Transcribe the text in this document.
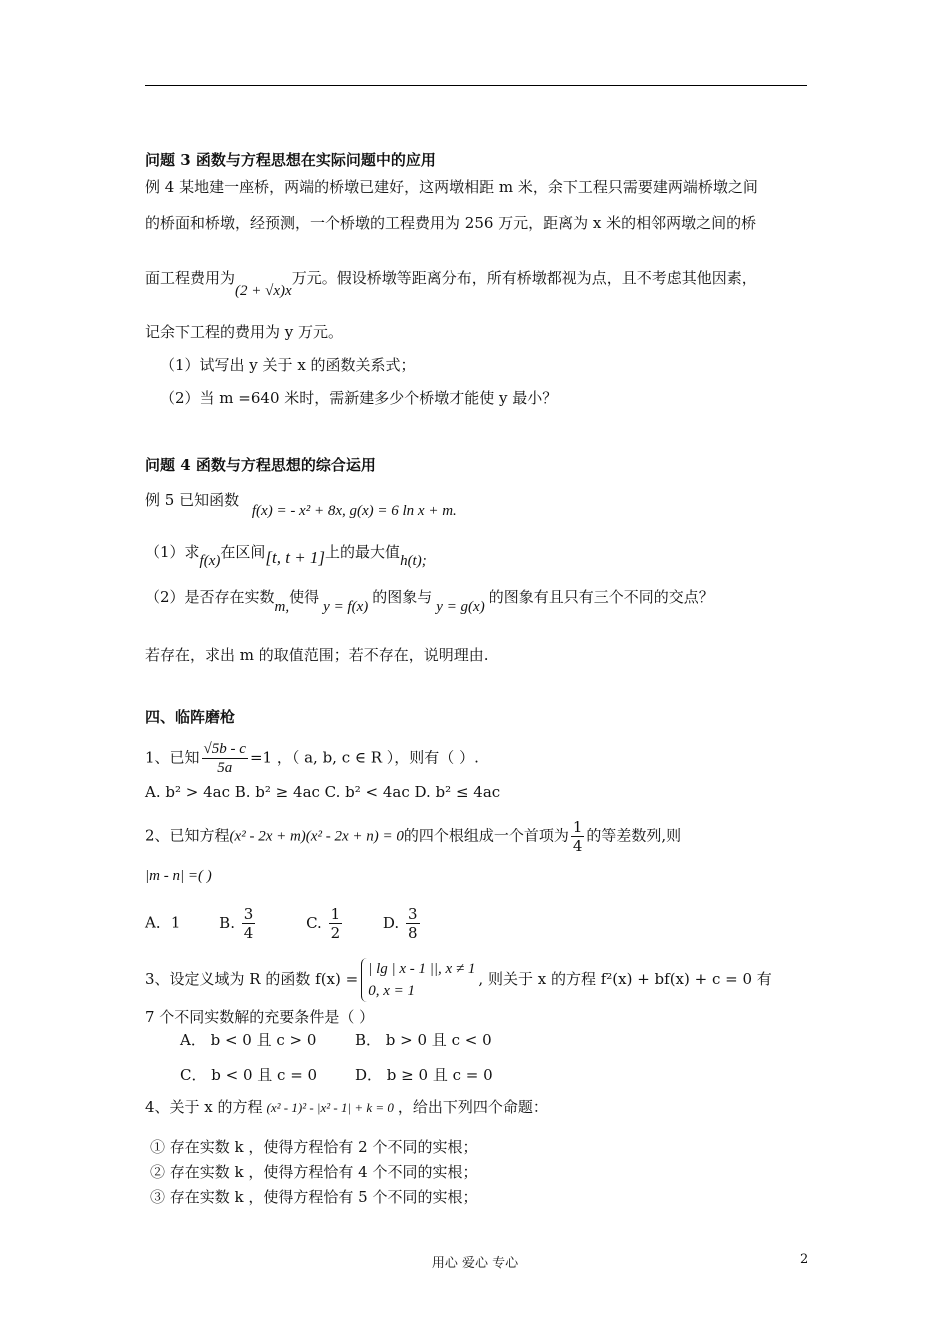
问题 3 函数与方程思想在实际问题中的应用
例 4 某地建一座桥，两端的桥墩已建好，这两墩相距 m 米，余下工程只需要建两端桥墩之间
的桥面和桥墩，经预测，一个桥墩的工程费用为 256 万元，距离为 x 米的相邻两墩之间的桥
面工程费用为(2 + √x)x万元。假设桥墩等距离分布，所有桥墩都视为点，且不考虑其他因素，
记余下工程的费用为 y 万元。
（1）试写出 y 关于 x 的函数关系式；
（2）当 m =640 米时，需新建多少个桥墩才能使 y 最小？
问题 4 函数与方程思想的综合运用
例 5 已知函数 f(x) = - x² + 8x, g(x) = 6 ln x + m.
（1）求f(x)在区间[t, t + 1]上的最大值h(t);
（2）是否存在实数m,使得y = f(x)的图象与y = g(x)的图象有且只有三个不同的交点？
若存在，求出 m 的取值范围；若不存在，说明理由.
四、临阵磨枪
1、已知 $\frac{√5b - c}{5a} =1$ ，（ a, b, c ∈ R ），则有（ ）.
A. b² > 4ac B. b² ≥ 4ac C. b² < 4ac D. b² ≤ 4ac
2、已知方程(x² - 2x + m)(x² - 2x + n) = 0的四个根组成一个首项为 $\frac{1}{4}$ 的等差数列,则
|m - n| =( )
A．1	B. $\frac{3}{4}$	C. $\frac{1}{2}$	D. $\frac{3}{8}$
3、设定义域为 R 的函数 f(x) =
| lg | x - 1 ||, x ≠ 1
0, x = 1
, 则关于 x 的方程 f²(x) + bf(x) + c = 0 有
7 个不同实数解的充要条件是（ ）
A． b < 0 且 c > 0	B． b > 0 且 c < 0
C． b < 0 且 c = 0	D． b ≥ 0 且 c = 0
4、关于 x 的方程 (x² - 1)² - |x² - 1| + k = 0 ，给出下列四个命题：
① 存在实数 k ，使得方程恰有 2 个不同的实根；
② 存在实数 k ，使得方程恰有 4 个不同的实根；
③ 存在实数 k ，使得方程恰有 5 个不同的实根；
用心 爱心 专心	2
